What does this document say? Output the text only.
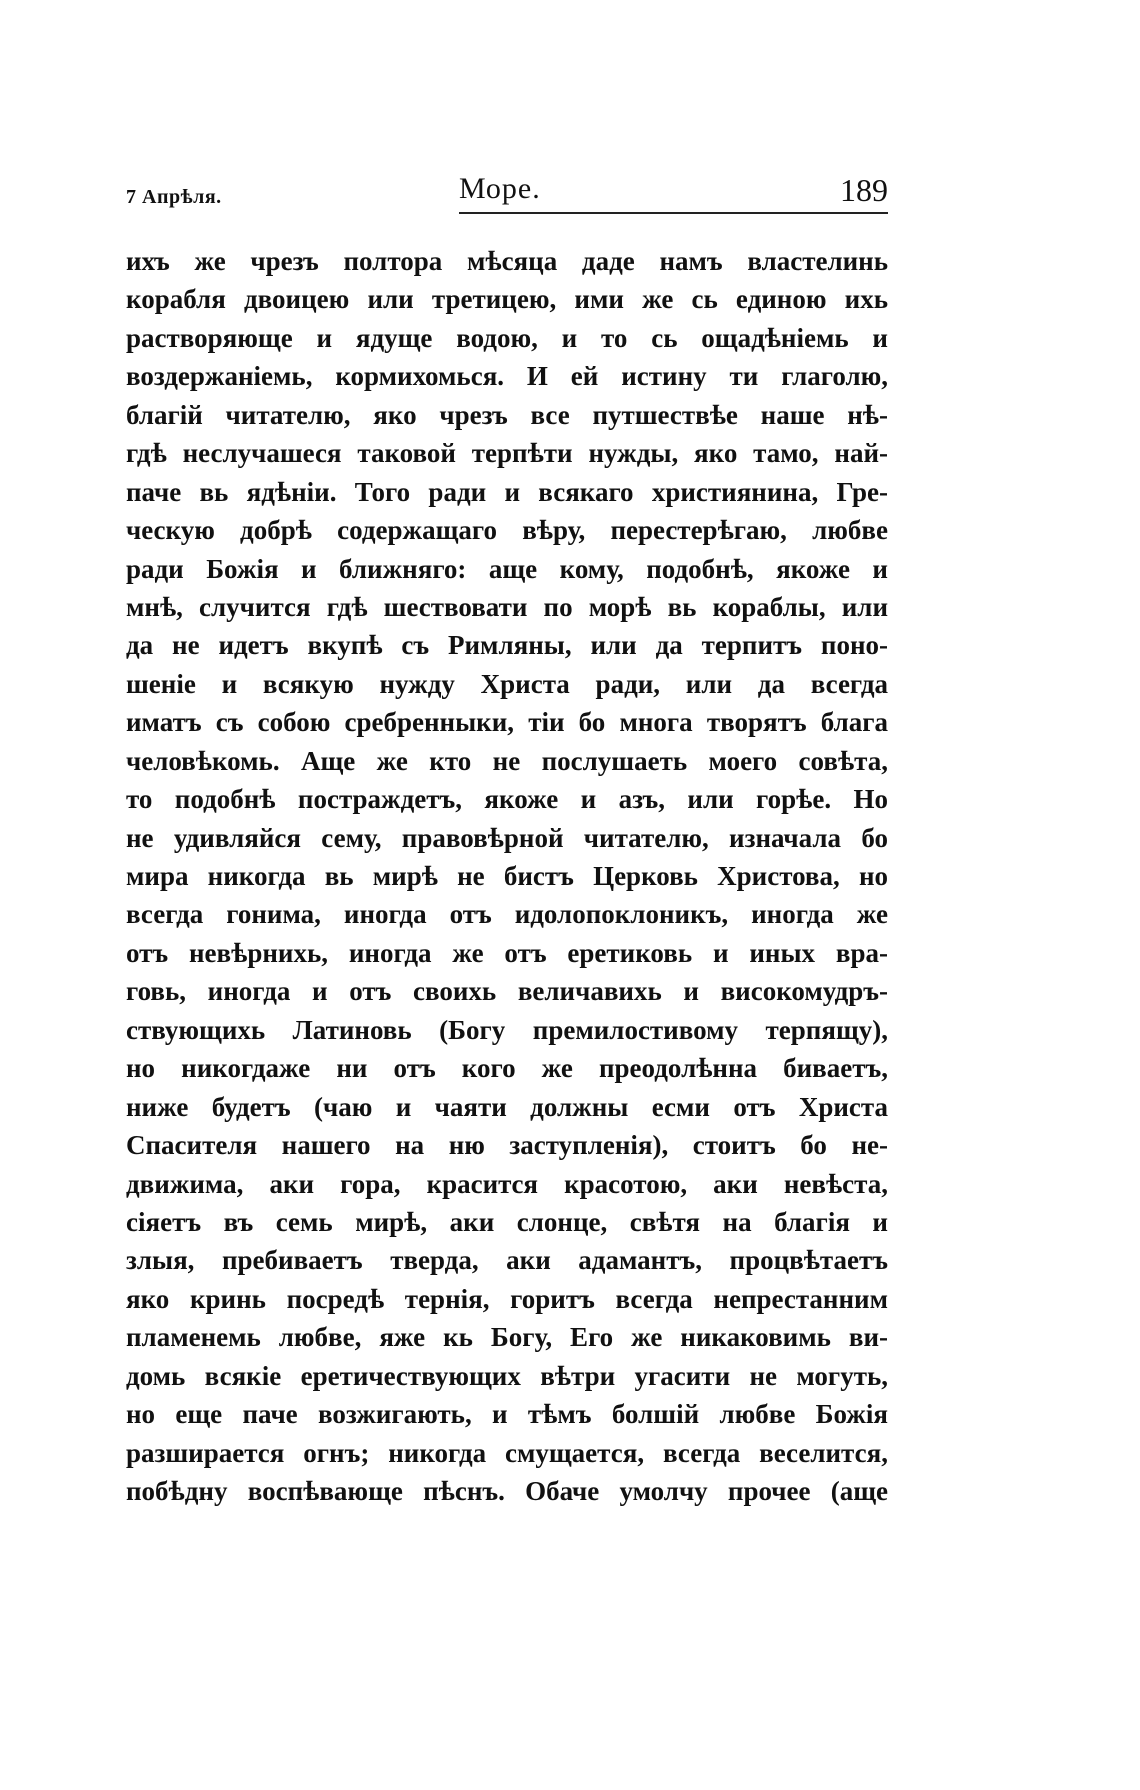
7 Апрѣля.	Море.	189
ихъ же чрезъ полтора мѣсяца даде намъ властелинь
корабля двоицею или третицею, ими же сь единою ихь
растворяюще и ядуще водою, и то сь ощадѣнiемь и
воздержанiемь, кормихомься. И ей истину ти глаголю,
благiй читателю, яко чрезъ все путшествѣе наше нѣ-
гдѣ неслучашеся таковой терпѣти нужды, яко тамо, най-
паче вь ядѣнiи. Того ради и всякаго християнина, Гре-
ческую добрѣ содержащаго вѣру, перестерѣгаю, любве
ради Божiя и ближняго: аще кому, подобнѣ, якоже и
мнѣ, случится гдѣ шествовати по морѣ вь кораблы, или
да не идетъ вкупѣ съ Римляны, или да терпитъ поно-
шенiе и всякую нужду Христа ради, или да всегда
иматъ съ собою сребренныки, тiи бо многа творятъ блага
человѣкомь. Аще же кто не послушаеть моего совѣта,
то подобнѣ постраждетъ, якоже и азъ, или горѣе. Но
не удивляйся сему, правовѣрной читателю, изначала бо
мира никогда вь мирѣ не бистъ Церковь Христова, но
всегда гонима, иногда отъ идолопоклоникъ, иногда же
отъ невѣрнихь, иногда же отъ еретиковь и иных вра-
говь, иногда и отъ своихь величавихь и високомудръ-
ствующихь Латиновь (Богу премилостивому терпящу),
но никогдаже ни отъ кого же преодолѣнна биваетъ,
ниже будетъ (чаю и чаяти должны есми отъ Христа
Спасителя нашего на ню заступленiя), стоитъ бо не-
движима, аки гора, краситcя красотою, аки невѣста,
сiяетъ въ семь мирѣ, аки слонце, свѣтя на благiя и
злыя, пребиваетъ тверда, аки адамантъ, процвѣтаетъ
яко кринь посредѣ тернiя, горитъ всегда непрестанним
пламенемь любве, яже кь Богу, Его же никаковимь ви-
домь всякiе еретичествующих вѣтри угасити не могуть,
но еще паче возжигають, и тѣмъ болшiй любве Божiя
разширается огнъ; никогда смущается, всегда веселится,
побѣдну воспѣвающе пѣснъ. Обаче умолчу прочее (аще
